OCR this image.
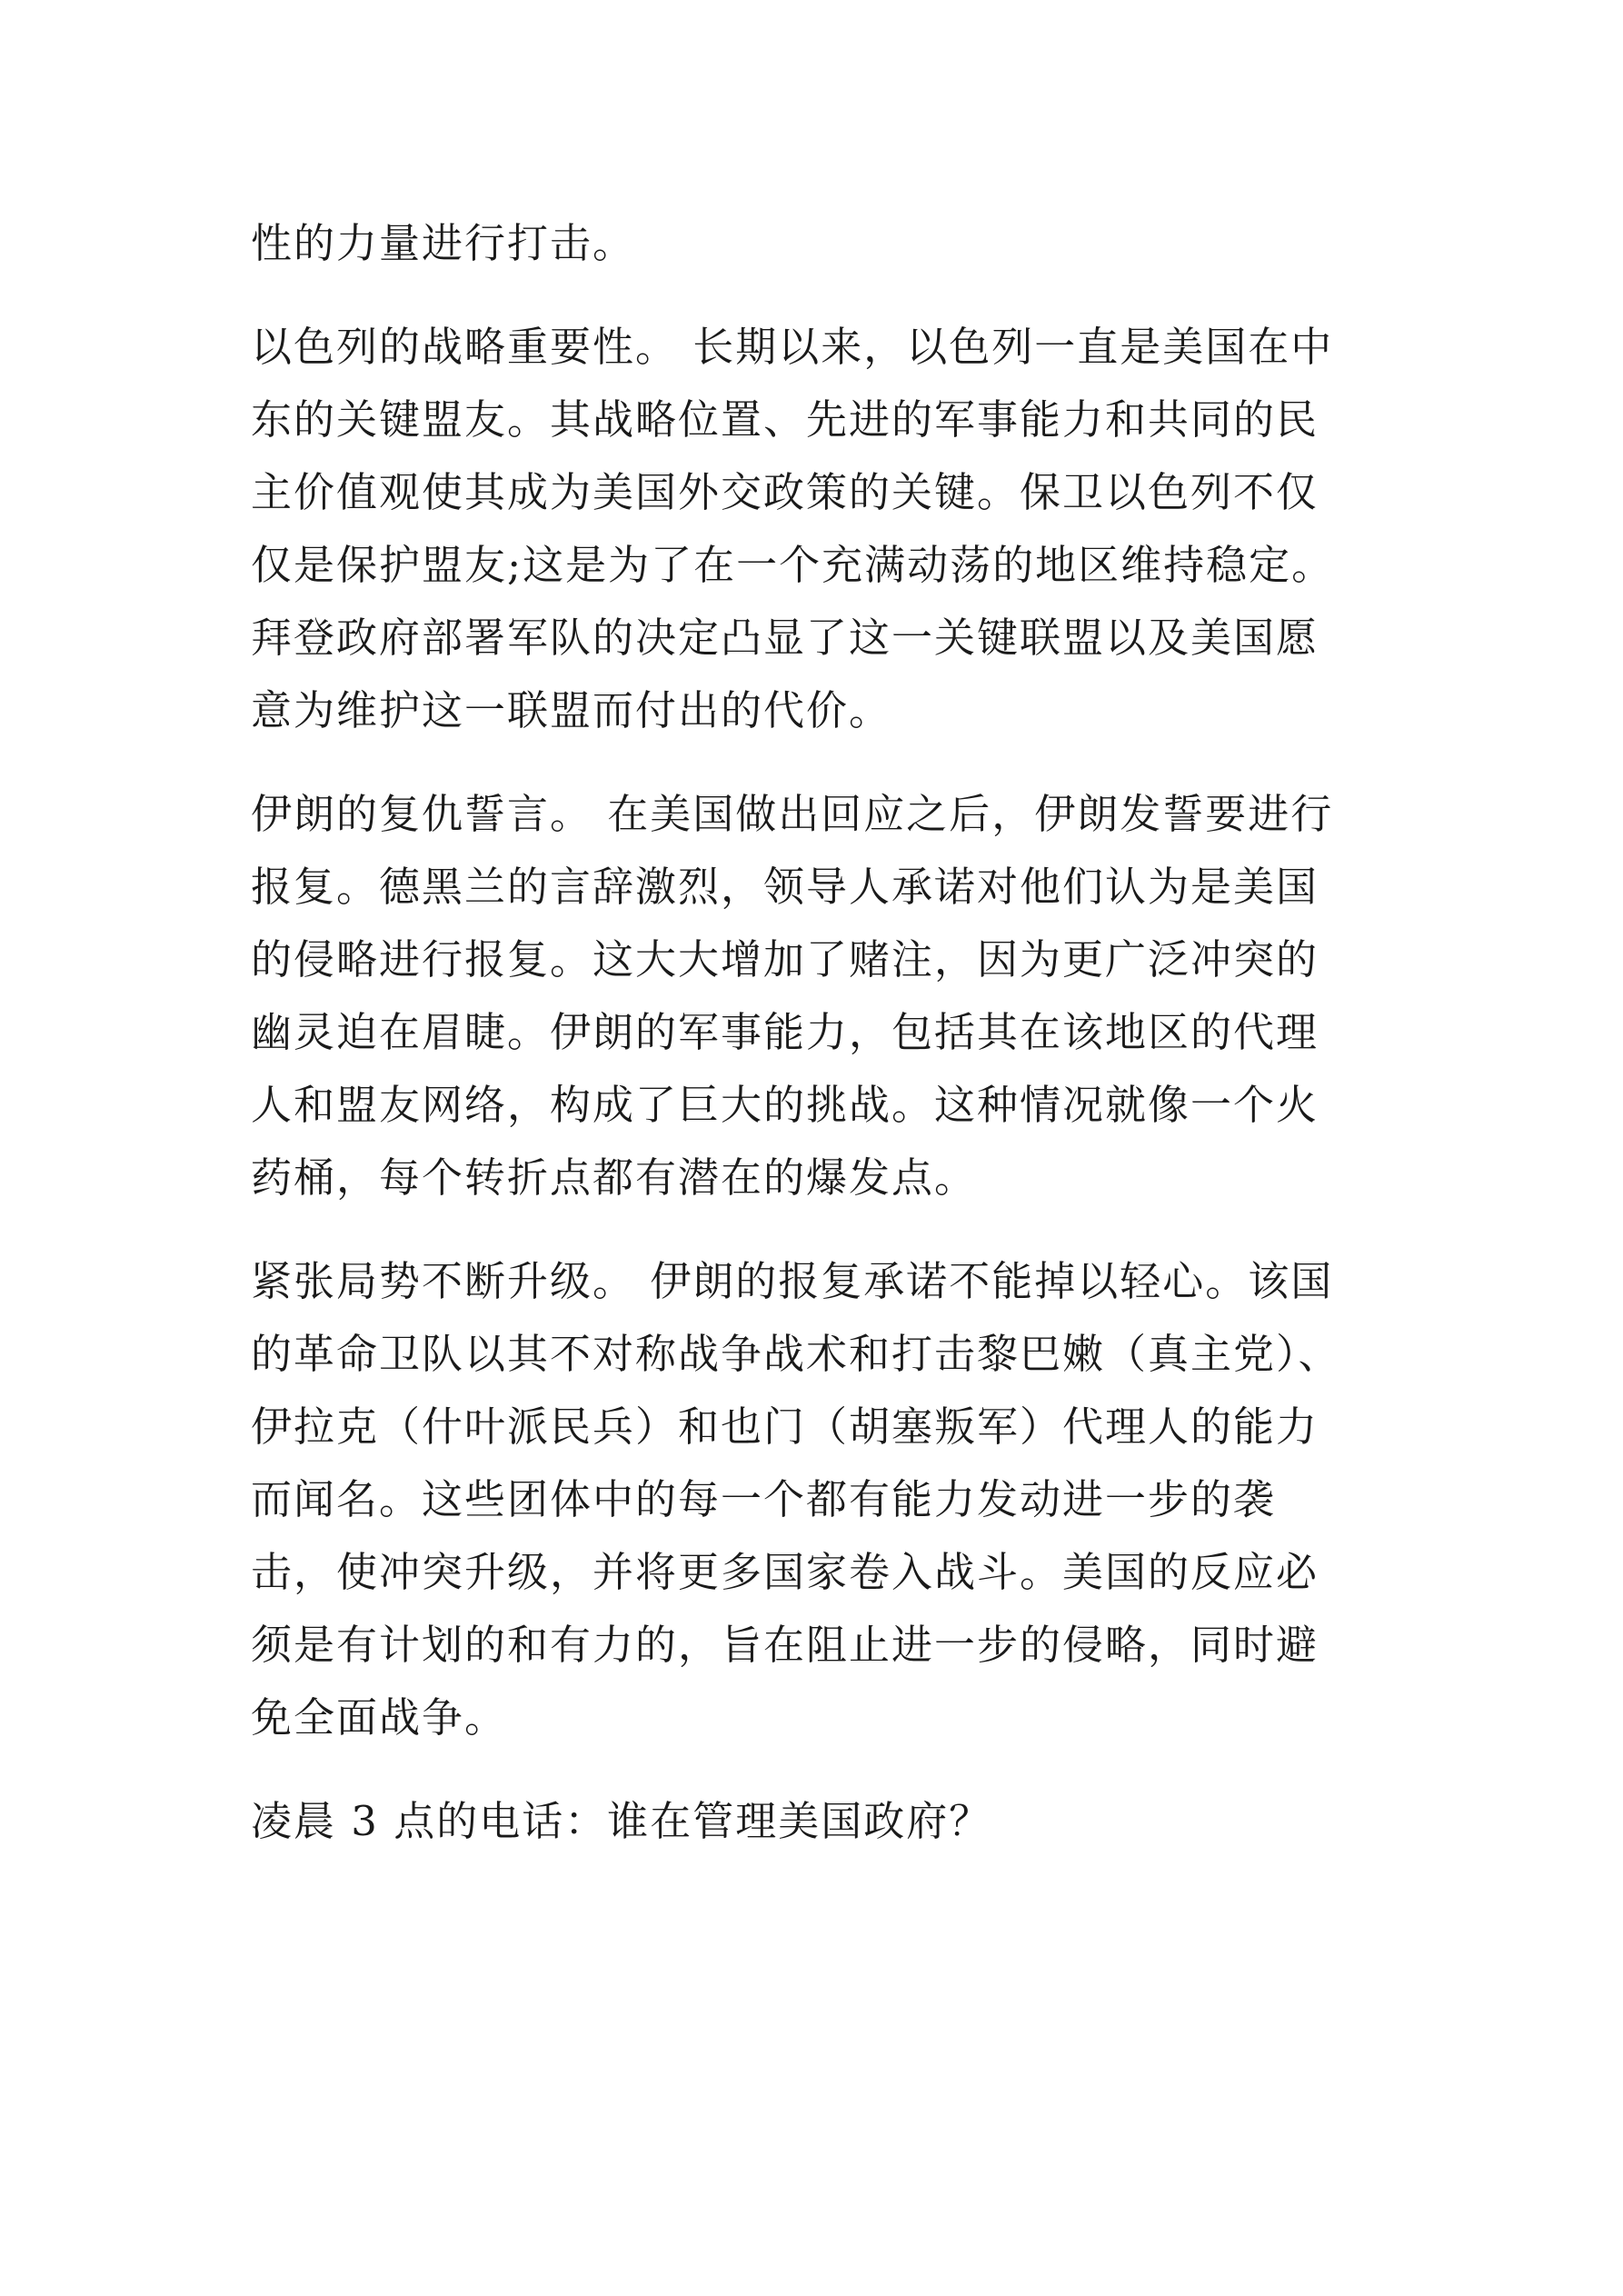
性的力量进行打击。
以色列的战略重要性。 长期以来，以色列一直是美国在中
东的关键盟友。其战略位置、先进的军事能力和共同的民
主价值观使其成为美国外交政策的关键。保卫以色列不仅
仅是保护盟友;这是为了在一个充满动荡的地区维持稳定。
拜登政府部署军队的决定凸显了这一关键联盟以及美国愿
意为维护这一联盟而付出的代价。
伊朗的复仇誓言。 在美国做出回应之后，伊朗发誓要进行
报复。德黑兰的言辞激烈，领导人承诺对他们认为是美国
的侵略进行报复。这大大增加了赌注，因为更广泛冲突的
幽灵迫在眉睫。伊朗的军事能力，包括其在该地区的代理
人和盟友网络，构成了巨大的挑战。这种情况就像一个火
药桶，每个转折点都有潜在的爆发点。
紧张局势不断升级。 伊朗的报复承诺不能掉以轻心。该国
的革命卫队以其不对称战争战术和打击黎巴嫩（真主党）、
伊拉克（什叶派民兵）和也门（胡塞叛军）代理人的能力
而闻名。这些团体中的每一个都有能力发动进一步的袭
击，使冲突升级，并将更多国家卷入战斗。美国的反应必
须是有计划的和有力的，旨在阻止进一步的侵略，同时避
免全面战争。
凌晨 3 点的电话：谁在管理美国政府？
